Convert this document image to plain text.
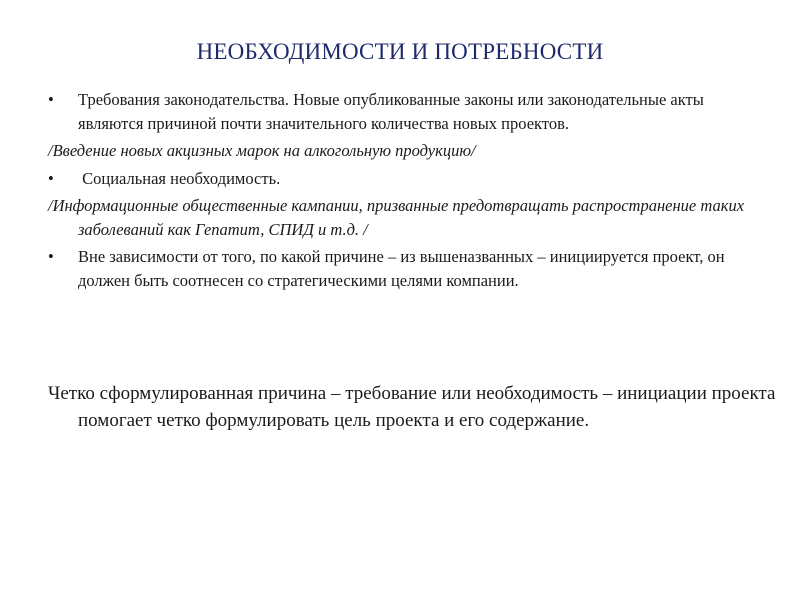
НЕОБХОДИМОСТИ И ПОТРЕБНОСТИ

• Требования законодательства. Новые опубликованные законы или законодательные акты являются причиной почти значительного количества новых проектов.

/Введение новых акцизных марок на алкогольную продукцию/

• Социальная необходимость.

/Информационные общественные кампании, призванные предотвращать распространение таких заболеваний как Гепатит, СПИД и т.д. /

• Вне зависимости от того, по какой причине – из вышеназванных – инициируется проект, он должен быть соотнесен со стратегическими целями компании.

Четко сформулированная причина – требование или необходимость – инициации проекта помогает четко формулировать цель проекта и его содержание.
